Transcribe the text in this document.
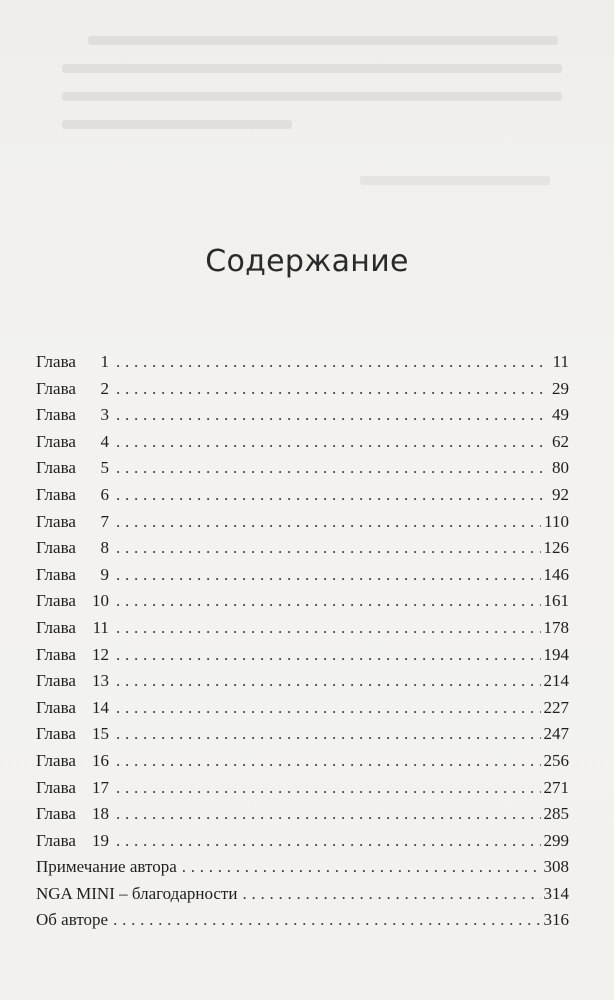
Содержание
Глава	1 . . .	11
Глава	2 . . .	29
Глава	3 . . .	49
Глава	4 . . .	62
Глава	5 . . .	80
Глава	6 . . .	92
Глава	7 . . .	110
Глава	8 . . .	126
Глава	9 . . .	146
Глава 10 . . .	161
Глава 11 . . .	178
Глава 12 . . .	194
Глава 13 . . .	214
Глава 14 . . .	227
Глава 15 . . .	247
Глава 16 . . .	256
Глава 17 . . .	271
Глава 18 . . .	285
Глава 19 . . .	299
Примечание автора . . .	308
NGA MINI – благодарности . . .	314
Об авторе . . .	316
